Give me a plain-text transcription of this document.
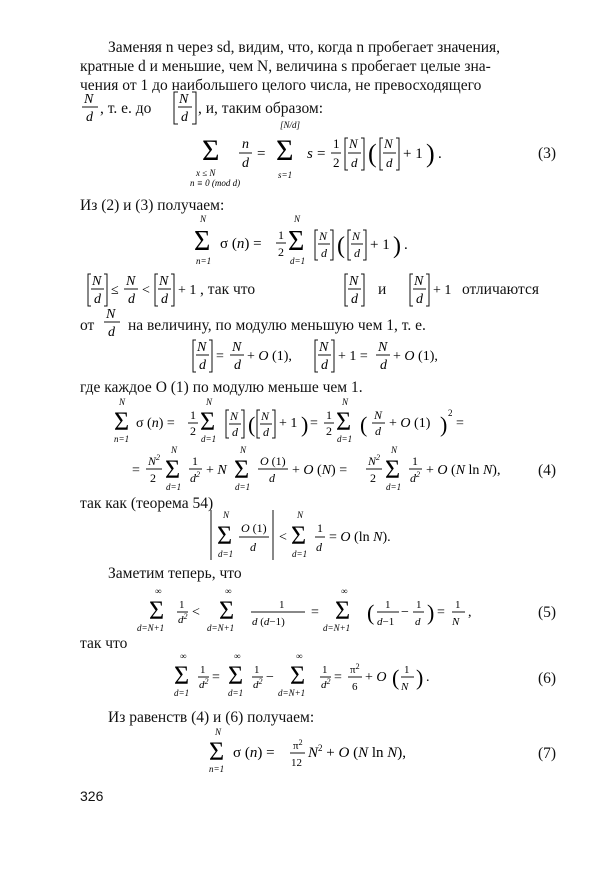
Заменяя n через sd, видим, что, когда n пробегает значения,
кратные d и меньшие, чем N, величина s пробегает целые зна-
чения от 1 до наибольшего целого числа, не превосходящего
N
d
N
d
, т. е. до	, и, таким образом:
Σ
x ≤ N
n ≡ 0 (mod d)
n
d
= Σ
[N/d]
s=1
s =
1
2
N
d ( N
d
+ 1 ) .	(3)
Из (2) и (3) получаем:
Σ
N
n=1
σ (n) =
1
2 Σ
N
d=1
N
d ( N
d + 1 ) .
N
d
≤
N
d
<
N
d
+ 1
N
d
N
d
+ 1
, так что	и	отличаются
от
N
d на величину, по модулю меньшую чем 1, т. е.
N
d
=
N
d
+ O (1),
N
d
+ 1 =
N
d
+ O (1),
где каждое O (1) по модулю меньше чем 1.
Σ
N
n=1
σ (n) =
1
2 Σ
N
d=1
N
d ( N
d
+ 1 ) =
1
2 Σ
N
d=1
( N
d + O (1) ) 2
=
=
$N^2$
2 Σ
N
d=1
1
$d^2 + N$ Σ
N
d=1
O (1)
d + O (N) =
$N^2$
2 Σ
N
d=1
1
$d^2 + O$ (N ln N), (4)
так как (теорема 54)
Σ
N
d=1
O (1)
d
< Σ
N
d=1
1
d
= O (ln N).
Заметим теперь, что
Σ
∞
d=N+1
1
$d^2 < \Sigma$
∞
d=N+1
1
d (d−1)
= Σ
∞
d=N+1
( 1
d−1
− 1
d ) = 1
N
,	(5)
так что
Σ
∞
d=1
1
$d^2 = \Sigma$
∞
d=1
1
$d^2 - \Sigma$
∞
d=N+1
1
$d^2 = \pi^2$
6
+ O ( 1
N ) .	(6)
Из равенств (4) и (6) получаем:
Σ
N
n=1
σ $(n) = \pi^2$
12
$N^2 + O$ (N ln N),	(7)
326
